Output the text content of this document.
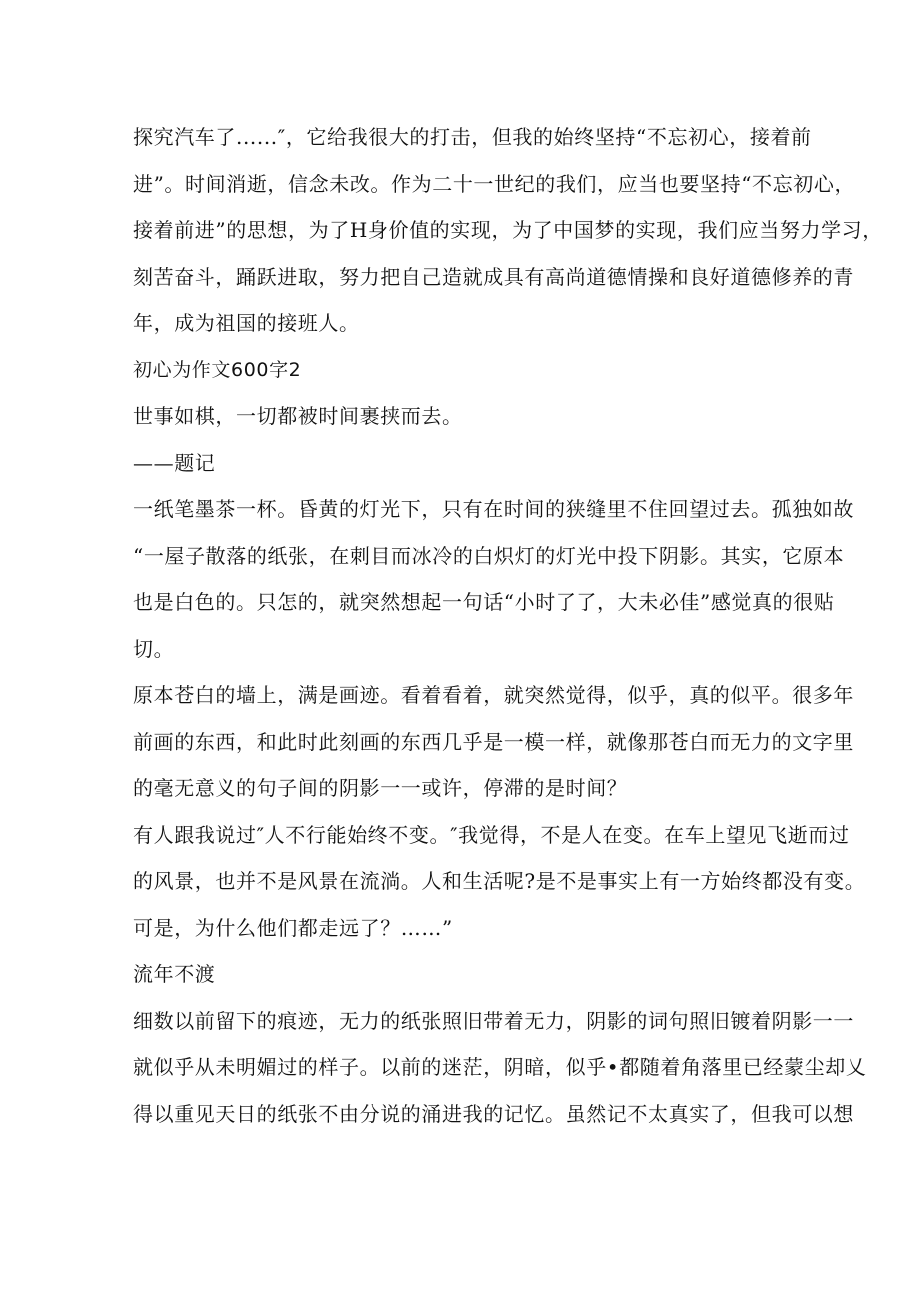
探究汽车了......″，它给我很大的打击，但我的始终坚持“不忘初心，接着前
进”。时间消逝，信念未改。作为二十一世纪的我们，应当也要坚持“不忘初心，
接着前进”的思想，为了H身价值的实现，为了中国梦的实现，我们应当努力学习，
刻苦奋斗，踊跃进取，努力把自己造就成具有高尚道德情操和良好道德修养的青
年，成为祖国的接班人。
初心为作文600字2
世事如棋，一切都被时间裹挟而去。
——题记
一纸笔墨茶一杯。昏黄的灯光下，只有在时间的狭缝里不住回望过去。孤独如故
“一屋子散落的纸张，在刺目而冰冷的白炽灯的灯光中投下阴影。其实，它原本
也是白色的。只怎的，就突然想起一句话“小时了了，大未必佳”感觉真的很贴
切。
原本苍白的墙上，满是画迹。看着看着，就突然觉得，似乎，真的似平。很多年
前画的东西，和此时此刻画的东西几乎是一模一样，就像那苍白而无力的文字里
的毫无意义的句子间的阴影一一或许，停滞的是时间？
有人跟我说过″人不行能始终不变。″我觉得，不是人在变。在车上望见飞逝而过
的风景，也并不是风景在流淌。人和生活呢?是不是事实上有一方始终都没有变。
可是，为什么他们都走远了？……”
流年不渡
细数以前留下的痕迹，无力的纸张照旧带着无力，阴影的词句照旧镀着阴影一一
就似乎从未明媚过的样子。以前的迷茫，阴暗，似乎•都随着角落里已经蒙尘却乂
得以重见天日的纸张不由分说的涌进我的记忆。虽然记不太真实了，但我可以想
